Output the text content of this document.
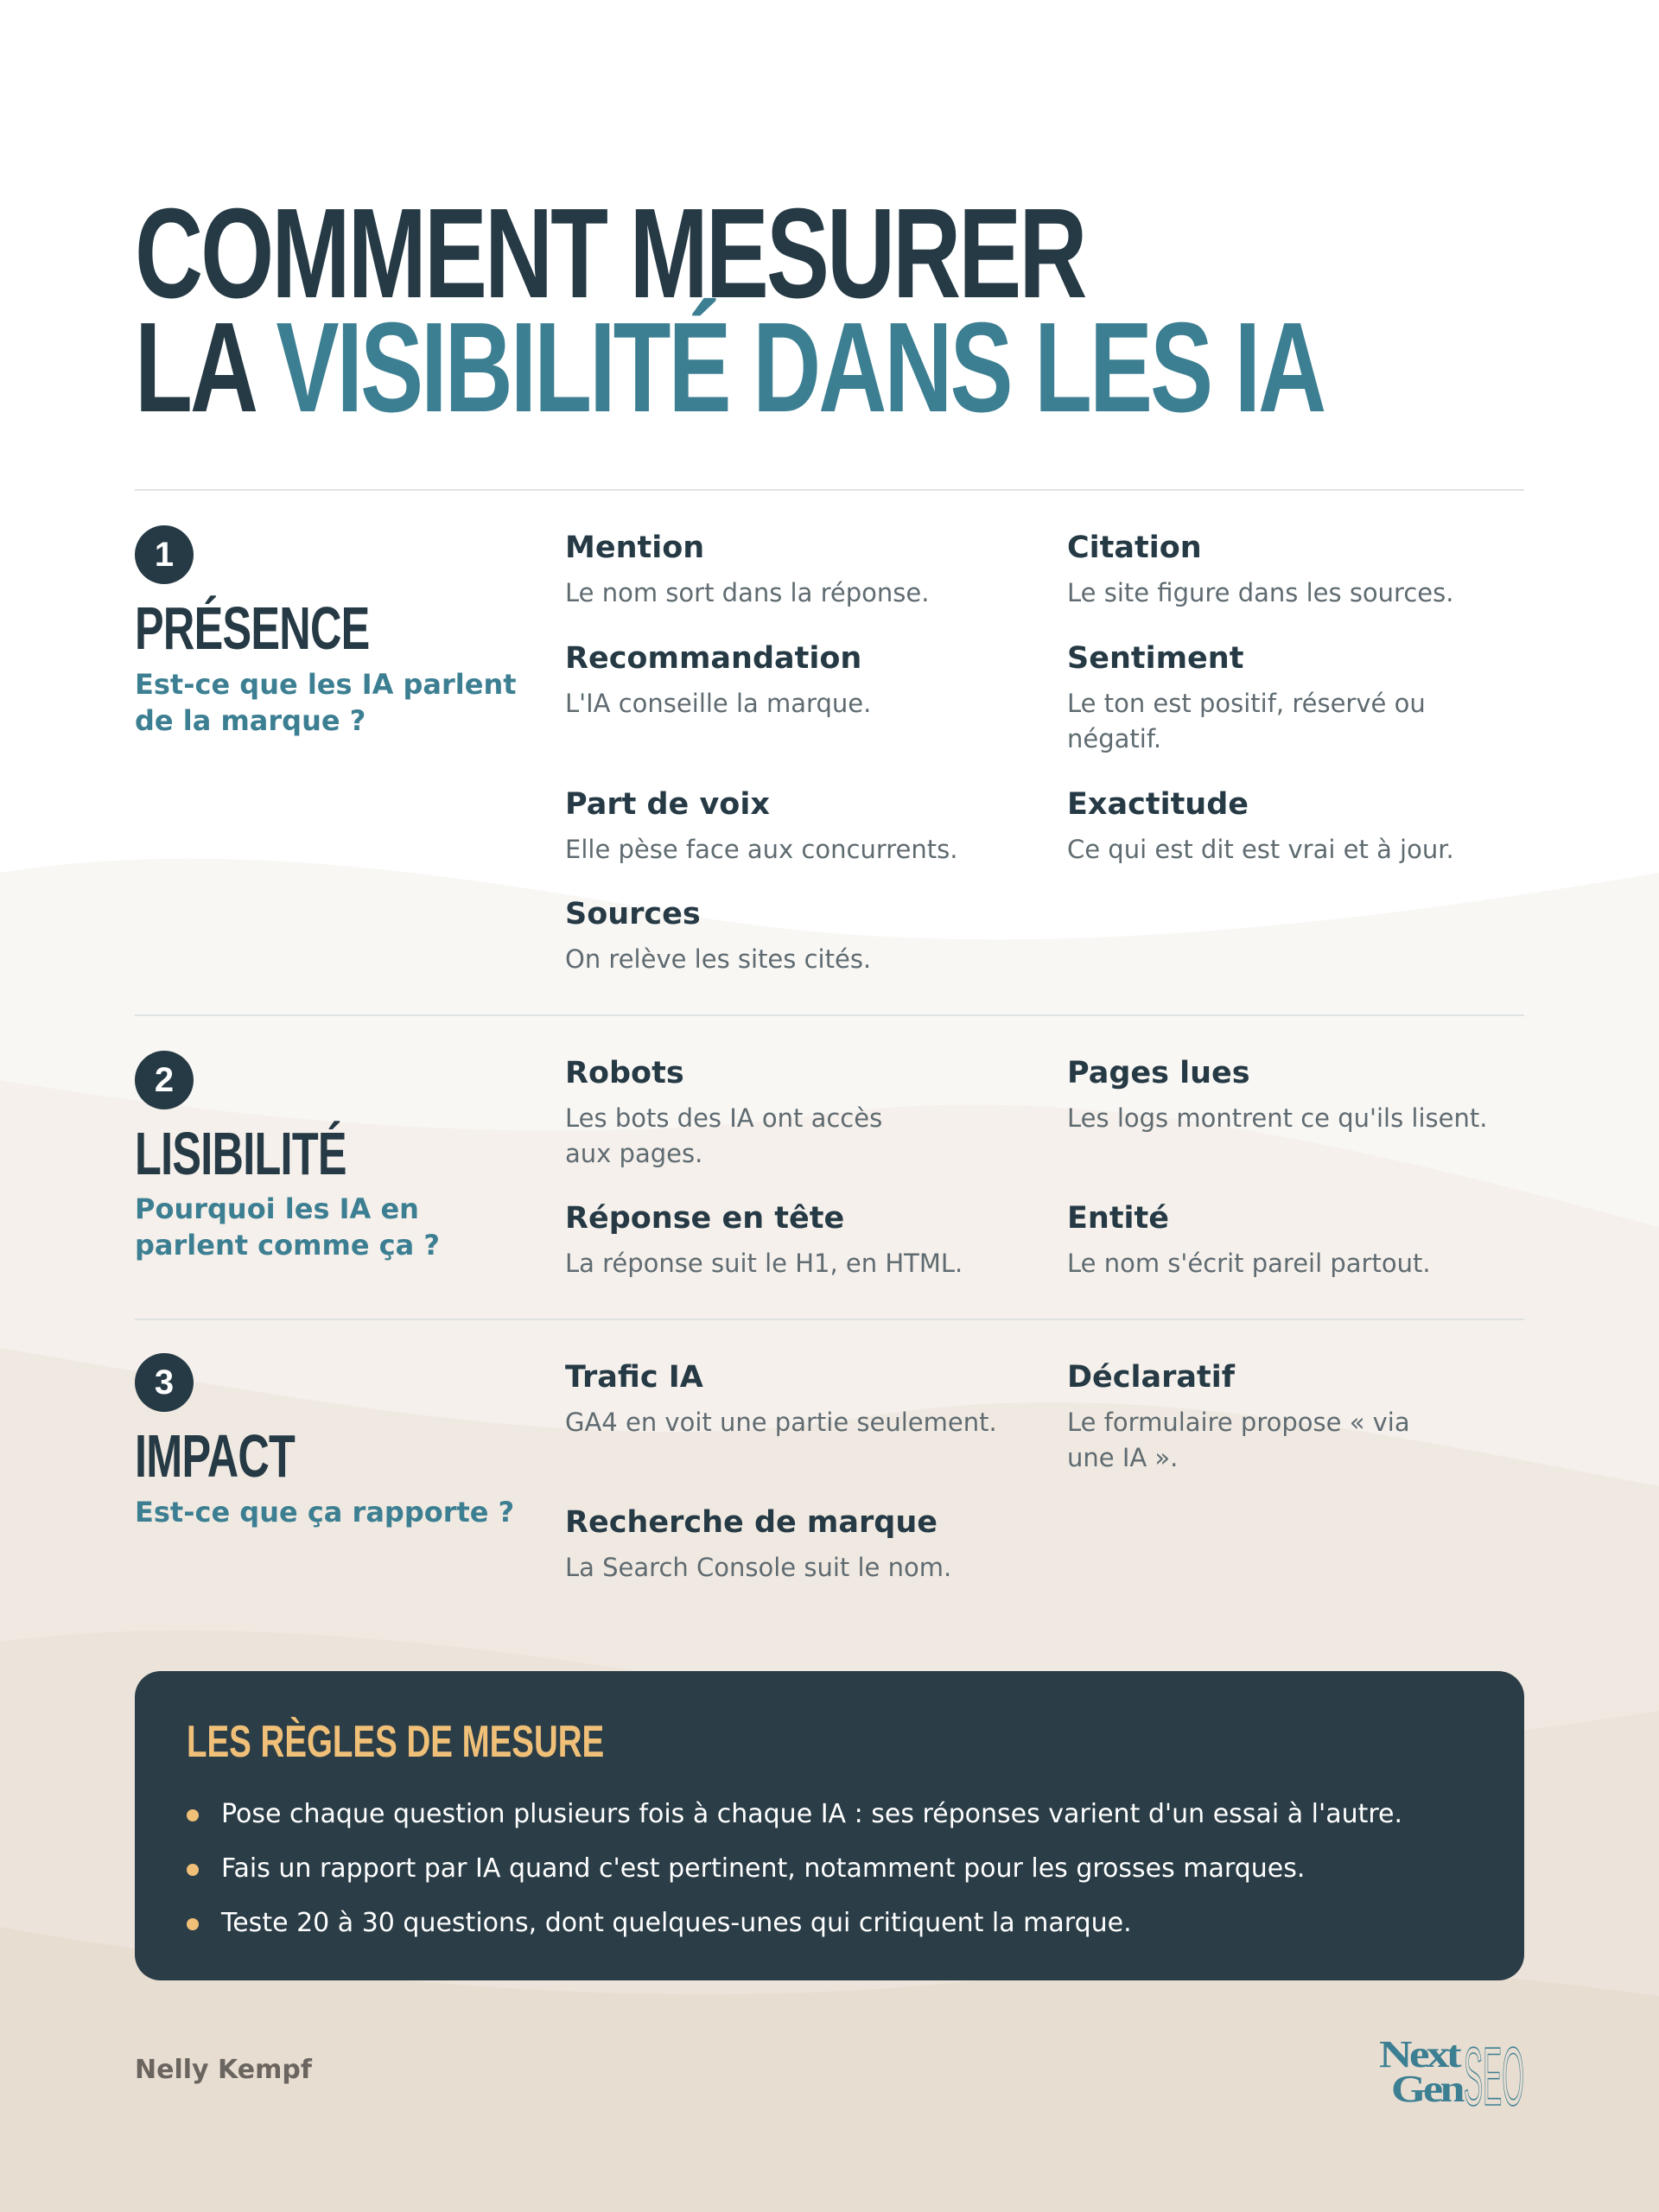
COMMENT MESURER
LA VISIBILITÉ DANS LES IA
1
PRÉSENCE
Est-ce que les IA parlent de la marque ?
Mention
Le nom sort dans la réponse.
Citation
Le site figure dans les sources.
Recommandation
L'IA conseille la marque.
Sentiment
Le ton est positif, réservé ou négatif.
Part de voix
Elle pèse face aux concurrents.
Exactitude
Ce qui est dit est vrai et à jour.
Sources
On relève les sites cités.
2
LISIBILITÉ
Pourquoi les IA en parlent comme ça ?
Robots
Les bots des IA ont accès aux pages.
Pages lues
Les logs montrent ce qu'ils lisent.
Réponse en tête
La réponse suit le H1, en HTML.
Entité
Le nom s'écrit pareil partout.
3
IMPACT
Est-ce que ça rapporte ?
Trafic IA
GA4 en voit une partie seulement.
Déclaratif
Le formulaire propose « via une IA ».
Recherche de marque
La Search Console suit le nom.
LES RÈGLES DE MESURE
Pose chaque question plusieurs fois à chaque IA : ses réponses varient d'un essai à l'autre.
Fais un rapport par IA quand c'est pertinent, notamment pour les grosses marques.
Teste 20 à 30 questions, dont quelques-unes qui critiquent la marque.
Nelly Kempf	Next
Gen SEO
